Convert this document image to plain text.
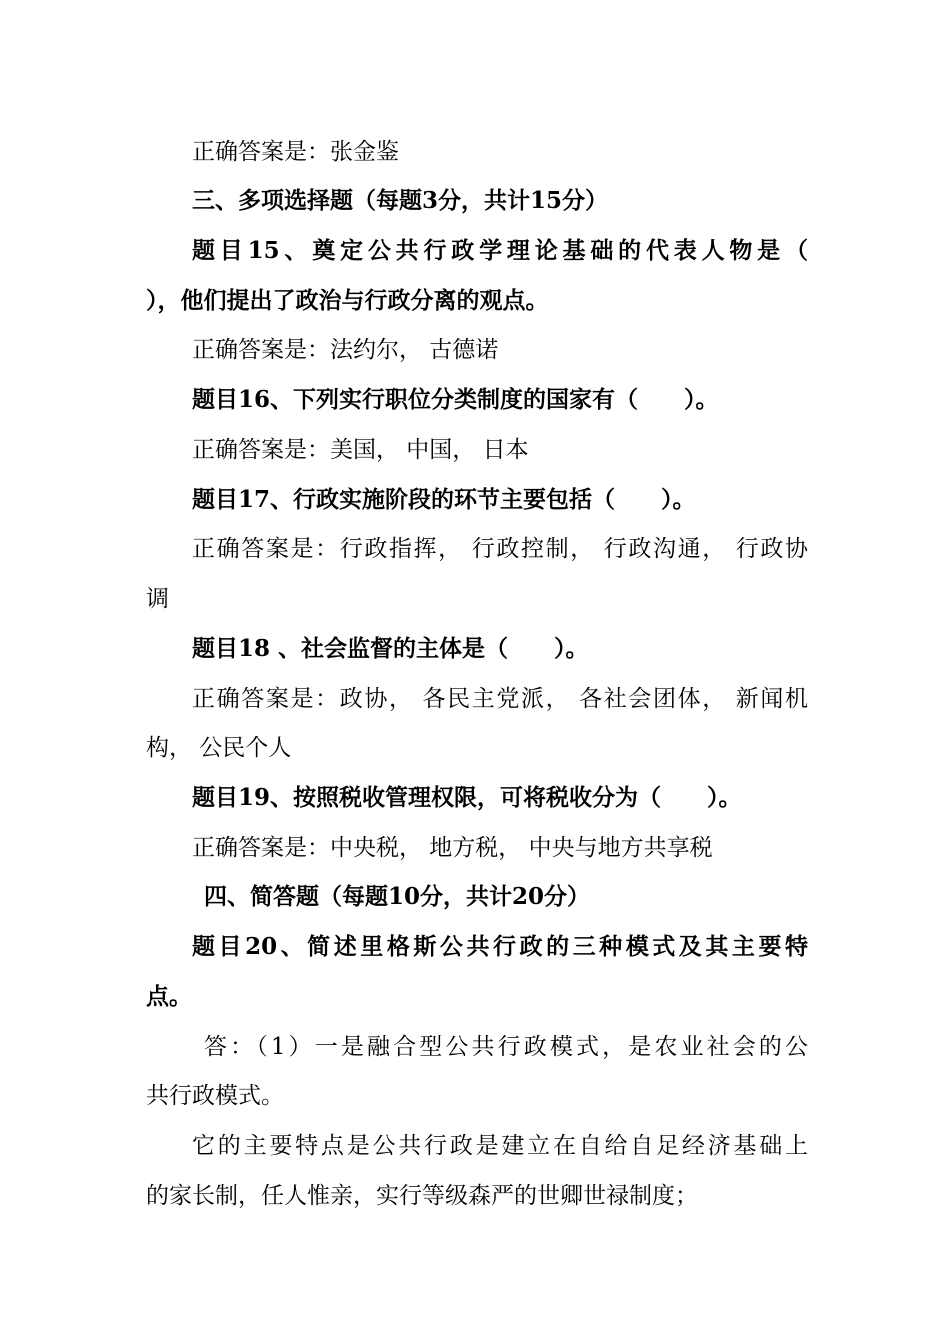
正确答案是：张金鉴
三、多项选择题（每题3分，共计15分）
题目15、奠定公共行政学理论基础的代表人物是（
），他们提出了政治与行政分离的观点。
正确答案是：法约尔， 古德诺
题目16、下列实行职位分类制度的国家有（　　）。
正确答案是：美国， 中国， 日本
题目17、行政实施阶段的环节主要包括（　　）。
正确答案是：行政指挥， 行政控制， 行政沟通， 行政协
调
题目18 、社会监督的主体是（　　）。
正确答案是：政协， 各民主党派， 各社会团体， 新闻机
构， 公民个人
题目19、按照税收管理权限，可将税收分为（　　）。
正确答案是：中央税， 地方税， 中央与地方共享税
四、简答题（每题10分，共计20分）
题目20、简述里格斯公共行政的三种模式及其主要特
点。
答：（1）一是融合型公共行政模式，是农业社会的公
共行政模式。
它的主要特点是公共行政是建立在自给自足经济基础上
的家长制，任人惟亲，实行等级森严的世卿世禄制度；
